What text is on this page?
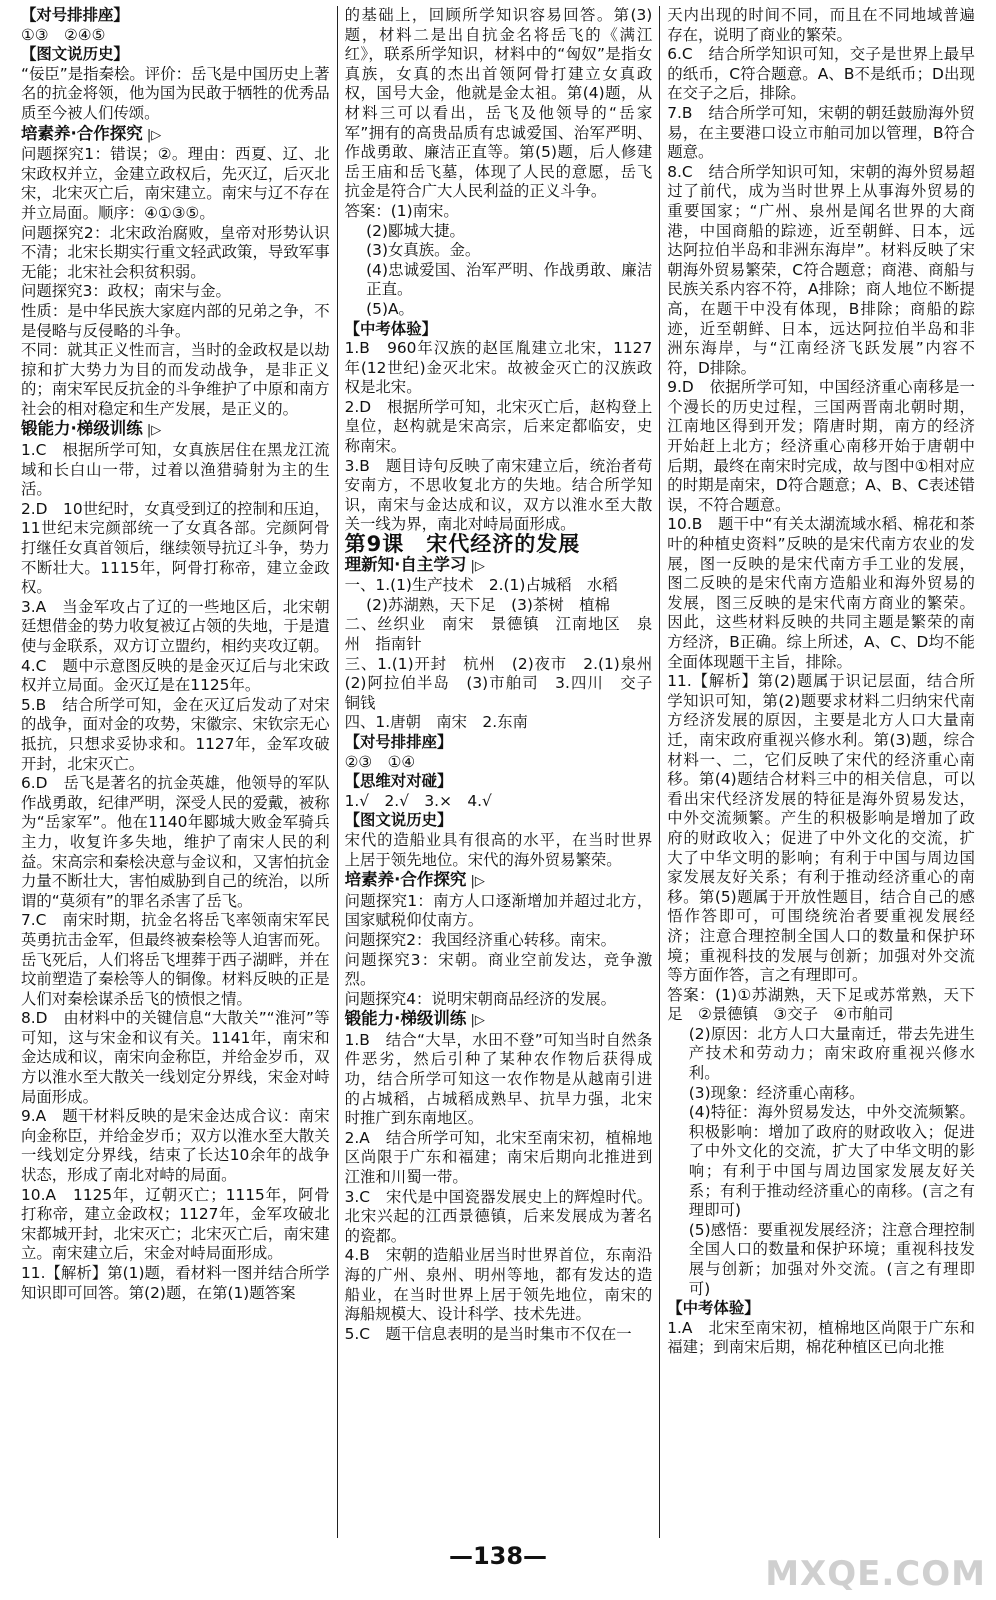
【对号排排座】

①③　②④⑤

【图文说历史】

“佞臣”是指秦桧。评价：岳飞是中国历史上著名的抗金将领，他为国为民敢于牺牲的优秀品质至今被人们传颂。

培素养·合作探究 |▷

问题探究1：错误；②。理由：西夏、辽、北宋政权并立，金建立政权后，先灭辽，后灭北宋，北宋灭亡后，南宋建立。南宋与辽不存在并立局面。顺序：④①③⑤。

问题探究2：北宋政治腐败，皇帝对形势认识不清；北宋长期实行重文轻武政策，导致军事无能；北宋社会积贫积弱。

问题探究3：政权；南宋与金。

性质：是中华民族大家庭内部的兄弟之争，不是侵略与反侵略的斗争。

不同：就其正义性而言，当时的金政权是以劫掠和扩大势力为目的而发动战争，是非正义的；南宋军民反抗金的斗争维护了中原和南方社会的相对稳定和生产发展，是正义的。

锻能力·梯级训练 |▷

1.C　根据所学可知，女真族居住在黑龙江流域和长白山一带，过着以渔猎骑射为主的生活。

2.D　10世纪时，女真受到辽的控制和压迫，11世纪末完颜部统一了女真各部。完颜阿骨打继任女真首领后，继续领导抗辽斗争，势力不断壮大。1115年，阿骨打称帝，建立金政权。

3.A　当金军攻占了辽的一些地区后，北宋朝廷想借金的势力收复被辽占领的失地，于是遣使与金联系，双方订立盟约，相约夹攻辽朝。

4.C　题中示意图反映的是金灭辽后与北宋政权并立局面。金灭辽是在1125年。

5.B　结合所学可知，金在灭辽后发动了对宋的战争，面对金的攻势，宋徽宗、宋钦宗无心抵抗，只想求妥协求和。1127年，金军攻破开封，北宋灭亡。

6.D　岳飞是著名的抗金英雄，他领导的军队作战勇敢，纪律严明，深受人民的爱戴，被称为“岳家军”。他在1140年郾城大败金军骑兵主力，收复许多失地，维护了南宋人民的利益。宋高宗和秦桧决意与金议和，又害怕抗金力量不断壮大，害怕威胁到自己的统治，以所谓的“莫须有”的罪名杀害了岳飞。

7.C　南宋时期，抗金名将岳飞率领南宋军民英勇抗击金军，但最终被秦桧等人迫害而死。岳飞死后，人们将岳飞埋葬于西子湖畔，并在坟前塑造了秦桧等人的铜像。材料反映的正是人们对秦桧谋杀岳飞的愤恨之情。

8.D　由材料中的关键信息“大散关”“淮河”等可知，这与宋金和议有关。1141年，南宋和金达成和议，南宋向金称臣，并给金岁币，双方以淮水至大散关一线划定分界线，宋金对峙局面形成。

9.A　题干材料反映的是宋金达成合议：南宋向金称臣，并给金岁币；双方以淮水至大散关一线划定分界线，结束了长达10余年的战争状态，形成了南北对峙的局面。

10.A　1125年，辽朝灭亡；1115年，阿骨打称帝，建立金政权；1127年，金军攻破北宋都城开封，北宋灭亡；北宋灭亡后，南宋建立。南宋建立后，宋金对峙局面形成。

11.【解析】第(1)题，看材料一图并结合所学知识即可回答。第(2)题，在第(1)题答案

的基础上，回顾所学知识容易回答。第(3)题，材料二是出自抗金名将岳飞的《满江红》，联系所学知识，材料中的“匈奴”是指女真族，女真的杰出首领阿骨打建立女真政权，国号大金，他就是金太祖。第(4)题，从材料三可以看出，岳飞及他领导的“岳家军”拥有的高贵品质有忠诚爱国、治军严明、作战勇敢、廉洁正直等。第(5)题，后人修建岳王庙和岳飞墓，体现了人民的意愿，岳飞抗金是符合广大人民利益的正义斗争。

答案：(1)南宋。

(2)郾城大捷。

(3)女真族。金。

(4)忠诚爱国、治军严明、作战勇敢、廉洁正直。

(5)A。

【中考体验】

1.B　960年汉族的赵匡胤建立北宋，1127年(12世纪)金灭北宋。故被金灭亡的汉族政权是北宋。

2.D　根据所学可知，北宋灭亡后，赵构登上皇位，赵构就是宋高宗，后来定都临安，史称南宋。

3.B　题目诗句反映了南宋建立后，统治者苟安南方，不思收复北方的失地。结合所学知识，南宋与金达成和议，双方以淮水至大散关一线为界，南北对峙局面形成。

第9课　宋代经济的发展

理新知·自主学习 |▷

一、1.(1)生产技术　2.(1)占城稻　水稻

(2)苏湖熟，天下足　(3)茶树　植棉

二、丝织业　南宋　景德镇　江南地区　泉州　指南针

三、1.(1)开封　杭州　(2)夜市　2.(1)泉州　(2)阿拉伯半岛　(3)市舶司　3.四川　交子　铜钱

四、1.唐朝　南宋　2.东南

【对号排排座】

②③　①④

【思维对对碰】

1.√　2.√　3.×　4.√

【图文说历史】

宋代的造船业具有很高的水平，在当时世界上居于领先地位。宋代的海外贸易繁荣。

培素养·合作探究 |▷

问题探究1：南方人口逐渐增加并超过北方，国家赋税仰仗南方。

问题探究2：我国经济重心转移。南宋。

问题探究3：宋朝。商业空前发达，竞争激烈。

问题探究4：说明宋朝商品经济的发展。

锻能力·梯级训练 |▷

1.B　结合“大旱，水田不登”可知当时自然条件恶劣，然后引种了某种农作物后获得成功，结合所学可知这一农作物是从越南引进的占城稻，占城稻成熟早、抗旱力强，北宋时推广到东南地区。

2.A　结合所学可知，北宋至南宋初，植棉地区尚限于广东和福建；南宋后期向北推进到江淮和川蜀一带。

3.C　宋代是中国瓷器发展史上的辉煌时代。北宋兴起的江西景德镇，后来发展成为著名的瓷都。

4.B　宋朝的造船业居当时世界首位，东南沿海的广州、泉州、明州等地，都有发达的造船业，在当时世界上居于领先地位，南宋的海船规模大、设计科学、技术先进。

5.C　题干信息表明的是当时集市不仅在一

天内出现的时间不同，而且在不同地域普遍存在，说明了商业的繁荣。

6.C　结合所学知识可知，交子是世界上最早的纸币，C符合题意。A、B不是纸币；D出现在交子之后，排除。

7.B　结合所学可知，宋朝的朝廷鼓励海外贸易，在主要港口设立市舶司加以管理，B符合题意。

8.C　结合所学知识可知，宋朝的海外贸易超过了前代，成为当时世界上从事海外贸易的重要国家；“广州、泉州是闻名世界的大商港，中国商船的踪迹，近至朝鲜、日本，远达阿拉伯半岛和非洲东海岸”。材料反映了宋朝海外贸易繁荣，C符合题意；商港、商船与民族关系内容不符，A排除；商人地位不断提高，在题干中没有体现，B排除；商船的踪迹，近至朝鲜、日本，远达阿拉伯半岛和非洲东海岸，与“江南经济飞跃发展”内容不符，D排除。

9.D　依据所学可知，中国经济重心南移是一个漫长的历史过程，三国两晋南北朝时期，江南地区得到开发；隋唐时期，南方的经济开始赶上北方；经济重心南移开始于唐朝中后期，最终在南宋时完成，故与图中①相对应的时期是南宋，D符合题意；A、B、C表述错误，不符合题意。

10.B　题干中“有关太湖流域水稻、棉花和茶叶的种植史资料”反映的是宋代南方农业的发展，图一反映的是宋代南方手工业的发展，图二反映的是宋代南方造船业和海外贸易的发展，图三反映的是宋代南方商业的繁荣。因此，这些材料反映的共同主题是繁荣的南方经济，B正确。综上所述，A、C、D均不能全面体现题干主旨，排除。

11.【解析】第(2)题属于识记层面，结合所学知识可知，第(2)题要求材料二归纳宋代南方经济发展的原因，主要是北方人口大量南迁，南宋政府重视兴修水利。第(3)题，综合材料一、二，它们反映了宋代的经济重心南移。第(4)题结合材料三中的相关信息，可以看出宋代经济发展的特征是海外贸易发达，中外交流频繁。产生的积极影响是增加了政府的财政收入；促进了中外文化的交流，扩大了中华文明的影响；有利于中国与周边国家发展友好关系；有利于推动经济重心的南移。第(5)题属于开放性题目，结合自己的感悟作答即可，可围绕统治者要重视发展经济；注意合理控制全国人口的数量和保护环境；重视科技的发展与创新；加强对外交流等方面作答，言之有理即可。

答案：(1)①苏湖熟，天下足或苏常熟，天下足　②景德镇　③交子　④市舶司

(2)原因：北方人口大量南迁，带去先进生产技术和劳动力；南宋政府重视兴修水利。

(3)现象：经济重心南移。

(4)特征：海外贸易发达，中外交流频繁。积极影响：增加了政府的财政收入；促进了中外文化的交流，扩大了中华文明的影响；有利于中国与周边国家发展友好关系；有利于推动经济重心的南移。(言之有理即可)

(5)感悟：要重视发展经济；注意合理控制全国人口的数量和保护环境；重视科技发展与创新；加强对外交流。(言之有理即可)

【中考体验】

1.A　北宋至南宋初，植棉地区尚限于广东和福建；到南宋后期，棉花种植区已向北推

—138—	MXQE.COM
